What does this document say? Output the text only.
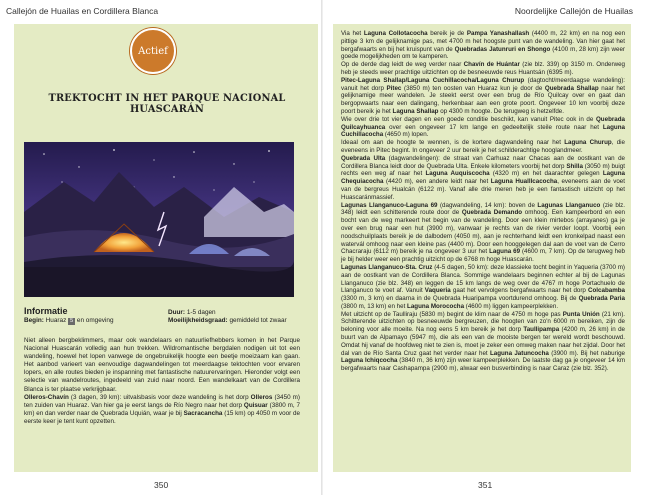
Callejón de Huailas en Cordillera Blanca
Actief
TREKTOCHT IN HET PARQUE NACIONAL HUASCARÁN
Informatie
Begin: Huaraz 5 en omgeving
Duur: 1-5 dagen
Moeilijkheidsgraad: gemiddeld tot zwaar
Niet alleen bergbeklimmers, maar ook wandelaars en natuurliefhebbers komen in het Parque Nacional Huascarán volledig aan hun trekken. Wildromantische bergdalen nodigen uit tot een wandeling, hoewel het lopen vanwege de ongebruikelijk hoogte een beetje moeizaam kan gaan. Het aanbod varieert van eenvoudige dagwandelingen tot meerdaagse tektochten voor ervaren lopers, en alle routes bieden je inspanning met fantastische natuurervaringen. Hieronder volgt een selectie van wandelroutes, ingedeeld van zuid naar noord. Een wandelkaart van de Cordillera Blanca is ter plaatse verkrijgbaar.
Olleros-Chavín (3 dagen, 39 km): uitvalsbasis voor deze wandeling is het dorp Olleros (3450 m) ten zuiden van Huaraz. Van hier ga je eerst langs de Río Negro naar het dorp Quisuar (3800 m, 7 km) en dan verder naar de Quebrada Uquián, waar je bij Sacracancha (15 km) op 4050 m voor de eerste keer je tent kunt opzetten.
350
Noordelijke Callejón de Huailas

Via het Laguna Collotacocha bereik je de Pampa Yanashallash (4400 m, 22 km) en na nog een pittige 3 km de gelijknamige pas, met 4700 m het hoogste punt van de wandeling. Van hier gaat het bergafwaarts en bij het kruispunt van de Quebradas Jatunruri en Shongo (4100 m, 28 km) zijn weer goede mogelijkheden om te kamperen.

Op de derde dag leidt de weg verder naar Chavín de Huántar (zie blz. 339) op 3150 m. Onderweg heb je steeds weer prachtige uitzichten op de besneeuwde reus Huantsán (6395 m).

Pitec-Laguna Shallap/Laguna Cuchillacocha/Laguna Churup (dagtocht/meerdaagse wandeling): vanuit het dorp Pitec (3850 m) ten oosten van Huaraz kun je door de Quebrada Shallap naar het gelijknamige meer wandelen. Je steekt eerst over een brug de Río Quilcay over en gaat dan bergopwaarts naar een dalingang, herkenbaar aan een grote poort. Ongeveer 10 km voorbij deze poort bereik je het Laguna Shallap op 4300 m hoogte. De terugweg is hetzelfde.

Wie over drie tot vier dagen en een goede conditie beschikt, kan vanuit Pitec ook in de Quebrada Quilcayhuanca over een ongeveer 17 km lange en gedeeltelijk steile route naar het Laguna Cuchillacocha (4650 m) lopen.

Ideaal om aan de hoogte te wennen, is de kortere dagwandeling naar het Laguna Churup, die eveneens in Pitec begint. In ongeveer 2 uur bereik je het schilderachtige hooglandmeer.

Quebrada Ulta (dagwandelingen): de straat van Carhuaz naar Chacas aan de oostkant van de Cordillera Blanca leidt door de Quebrada Ulta. Enkele kilometers voorbij het dorp Shilla (3050 m) buigt rechts een weg af naar het Laguna Auquiscocha (4320 m) en het daarachter gelegen Laguna Chequiacocha (4420 m), een andere leidt naar het Laguna Hualllcacocha, eveneens aan de voet van de bergreus Hualcán (6122 m). Vanaf alle drie meren heb je een fantastisch uitzicht op het Huascaránmassief.

Lagunas Llanganuco-Laguna 69 (dagwandeling, 14 km): boven de Lagunas Llanganuco (zie blz. 348) leidt een schitterende route door de Quebrada Demando omhoog. Een kampeerbord en een bocht van de weg markeert het begin van de wandeling. Door een klein mirtebos (arrayanes) ga je over een brug naar een hut (3900 m), vanwaar je rechts van de rivier verder loopt. Voorbij een noodschuilplaats bereik je de dalbodem (4050 m), aan je rechterhand leidt een kronkelpad naast een watervál omhoog naar een kleine pas (4400 m). Door een hooggelegen dal aan de voet van de Cerro Chacraraju (6112 m) bereik je na ongeveer 3 uur het Laguna 69 (4600 m, 7 km). Op de terugweg heb je bij helder weer een prachtig uitzicht op de 6768 m hoge Huascarán.

Lagunas Llanganuco-Sta. Cruz (4-5 dagen, 50 km): deze klassieke tocht begint in Yaqueria (3700 m) aan de oostkant van de Cordillera Blanca. Sommige wandelaars beginnen echter al bij de Lagunas Llanganuco (zie blz. 348) en leggen de 15 km langs de weg over de 4767 m hoge Portachuelo de Llanganuco te voet af. Vanuit Vaqueria gaat het vervolgens bergafwaarts naar het dorp Colcabamba (3300 m, 3 km) en daarna in de Quebrada Huaripampa voortdurend omhoog. Bij de Quebrada Paria (3800 m, 13 km) en het Laguna Morococha (4600 m) liggen kampeerplekken.

Met uitzicht op de Taulliraju (5830 m) begint de klim naar de 4750 m hoge pas Punta Unión (21 km). Schitterende uitzichten op besneeuwde bergreuzen, die hoogten van zo'n 6000 m bereiken, zijn de beloning voor alle moeite. Na nog eens 5 km bereik je het dorp Taullipampa (4200 m, 26 km) in de buurt van de Alpamayo (5947 m), die als een van de mooiste bergen ter wereld wordt beschouwd. Omdat hij vanaf de hoofdweg niet te zien is, moet je zeker een omweg maken naar het zijdal. Door het dal van de Río Santa Cruz gaat het verder naar het Laguna Jatuncocha (3900 m). Bij het naburige Laguna Ichiqcocha (3840 m, 36 km) zijn weer kampeerplekken. De laatste dag ga je ongeveer 14 km bergafwaarts naar Cashapampa (2900 m), alwaar een busverbinding is naar Caraz (zie blz. 352).

351
